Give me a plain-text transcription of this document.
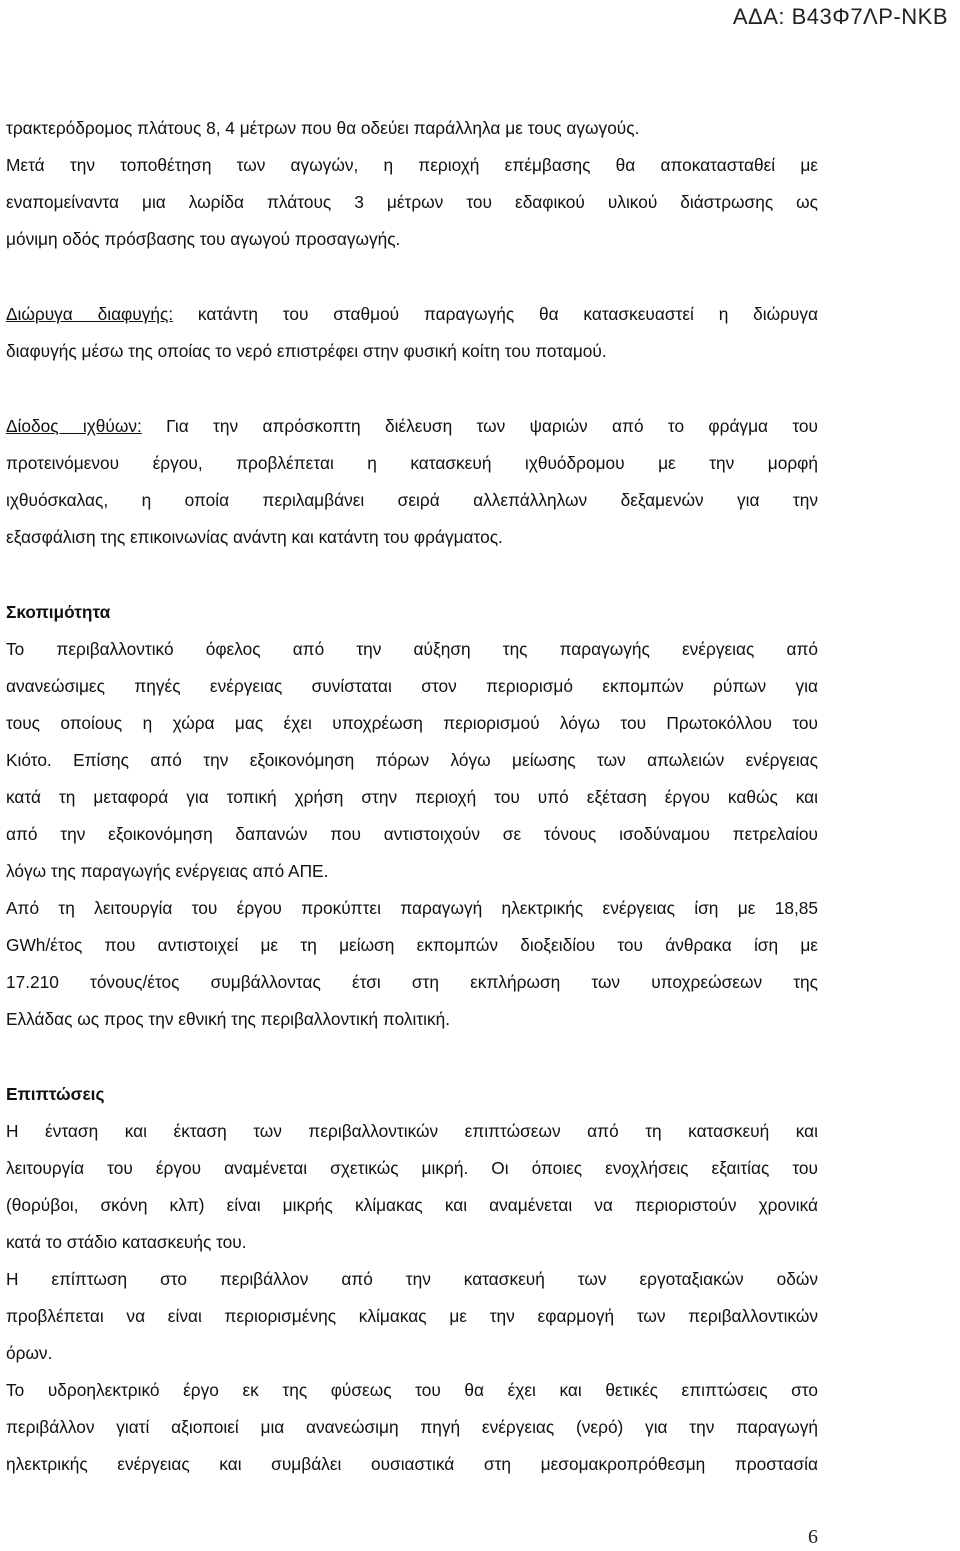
ΑΔΑ: Β43Φ7ΛΡ-ΝΚΒ
τρακτερόδρομος πλάτους 8, 4 μέτρων που θα οδεύει παράλληλα με τους αγωγούς.
Μετά την τοποθέτηση των αγωγών, η περιοχή επέμβασης θα αποκατασταθεί με
εναπομείναντα μια λωρίδα πλάτους 3 μέτρων του εδαφικού υλικού διάστρωσης ως
μόνιμη οδός πρόσβασης του αγωγού προσαγωγής.
Διώρυγα διαφυγής: κατάντη του σταθμού παραγωγής θα κατασκευαστεί η διώρυγα
διαφυγής μέσω της οποίας το νερό επιστρέφει στην φυσική κοίτη του ποταμού.
Δίοδος ιχθύων: Για την απρόσκοπτη διέλευση των ψαριών από το φράγμα του
προτεινόμενου έργου, προβλέπεται η κατασκευή ιχθυόδρομου με την μορφή
ιχθυόσκαλας, η οποία περιλαμβάνει σειρά αλλεπάλληλων δεξαμενών για την
εξασφάλιση της επικοινωνίας ανάντη και κατάντη του φράγματος.
Σκοπιμότητα
Το περιβαλλοντικό όφελος από την αύξηση της παραγωγής ενέργειας από
ανανεώσιμες πηγές ενέργειας συνίσταται στον περιορισμό εκπομπών ρύπων για
τους οποίους η χώρα μας έχει υποχρέωση περιορισμού λόγω του Πρωτοκόλλου του
Κιότο. Επίσης από την εξοικονόμηση πόρων λόγω μείωσης των απωλειών ενέργειας
κατά τη μεταφορά για τοπική χρήση στην περιοχή του υπό εξέταση έργου καθώς και
από την εξοικονόμηση δαπανών που αντιστοιχούν σε τόνους ισοδύναμου πετρελαίου
λόγω της παραγωγής ενέργειας από ΑΠΕ.
Από τη λειτουργία του έργου προκύπτει παραγωγή ηλεκτρικής ενέργειας ίση με 18,85
GWh/έτος που αντιστοιχεί με τη μείωση εκπομπών διοξειδίου του άνθρακα ίση με
17.210 τόνους/έτος συμβάλλοντας έτσι στη εκπλήρωση των υποχρεώσεων της
Ελλάδας ως προς την εθνική της περιβαλλοντική πολιτική.
Επιπτώσεις
Η ένταση και έκταση των περιβαλλοντικών επιπτώσεων από τη κατασκευή και
λειτουργία του έργου αναμένεται σχετικώς μικρή. Οι όποιες ενοχλήσεις εξαιτίας του
(θορύβοι, σκόνη κλπ) είναι μικρής κλίμακας και αναμένεται να περιοριστούν χρονικά
κατά το στάδιο κατασκευής του.
Η επίπτωση στο περιβάλλον από την κατασκευή των εργοταξιακών οδών
προβλέπεται να είναι περιορισμένης κλίμακας με την εφαρμογή των περιβαλλοντικών
όρων.
Το υδροηλεκτρικό έργο εκ της φύσεως του θα έχει και θετικές επιπτώσεις στο
περιβάλλον γιατί αξιοποιεί μια ανανεώσιμη πηγή ενέργειας (νερό) για την παραγωγή
ηλεκτρικής ενέργειας και συμβάλει ουσιαστικά στη μεσομακροπρόθεσμη προστασία
6
